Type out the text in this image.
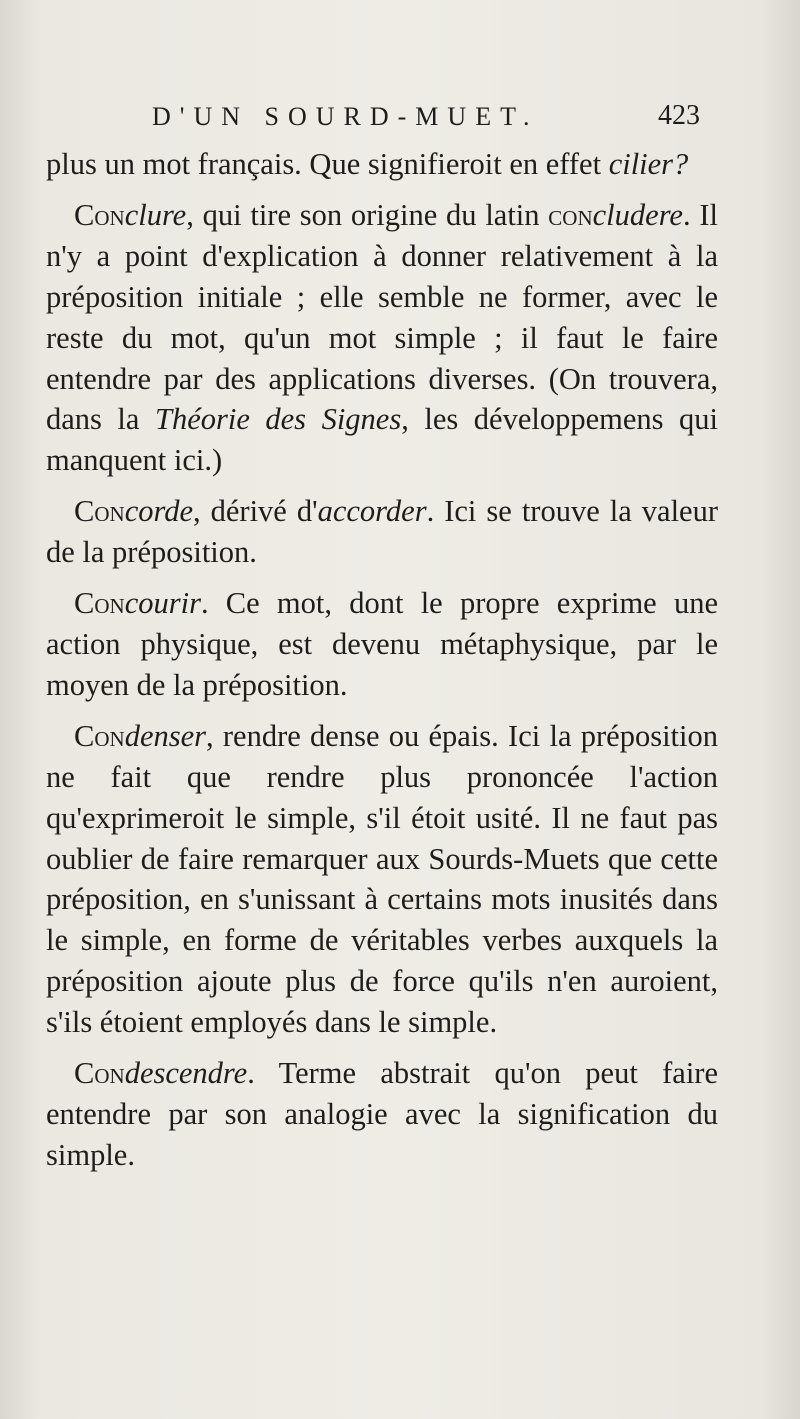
D'UN SOURD-MUET.	423

plus un mot français. Que signifieroit en effet cilier?

Conclure, qui tire son origine du latin concludere. Il n'y a point d'explication à donner relativement à la préposition initiale ; elle semble ne former, avec le reste du mot, qu'un mot simple ; il faut le faire entendre par des applications diverses. (On trouvera, dans la Théorie des Signes, les développemens qui manquent ici.)

Concorde, dérivé d'accorder. Ici se trouve la valeur de la préposition.

Concourir. Ce mot, dont le propre exprime une action physique, est devenu métaphysique, par le moyen de la préposition.

Condenser, rendre dense ou épais. Ici la préposition ne fait que rendre plus prononcée l'action qu'exprimeroit le simple, s'il étoit usité. Il ne faut pas oublier de faire remarquer aux Sourds-Muets que cette préposition, en s'unissant à certains mots inusités dans le simple, en forme de véritables verbes auxquels la préposition ajoute plus de force qu'ils n'en auroient, s'ils étoient employés dans le simple.

Condescendre. Terme abstrait qu'on peut faire entendre par son analogie avec la signification du simple.
